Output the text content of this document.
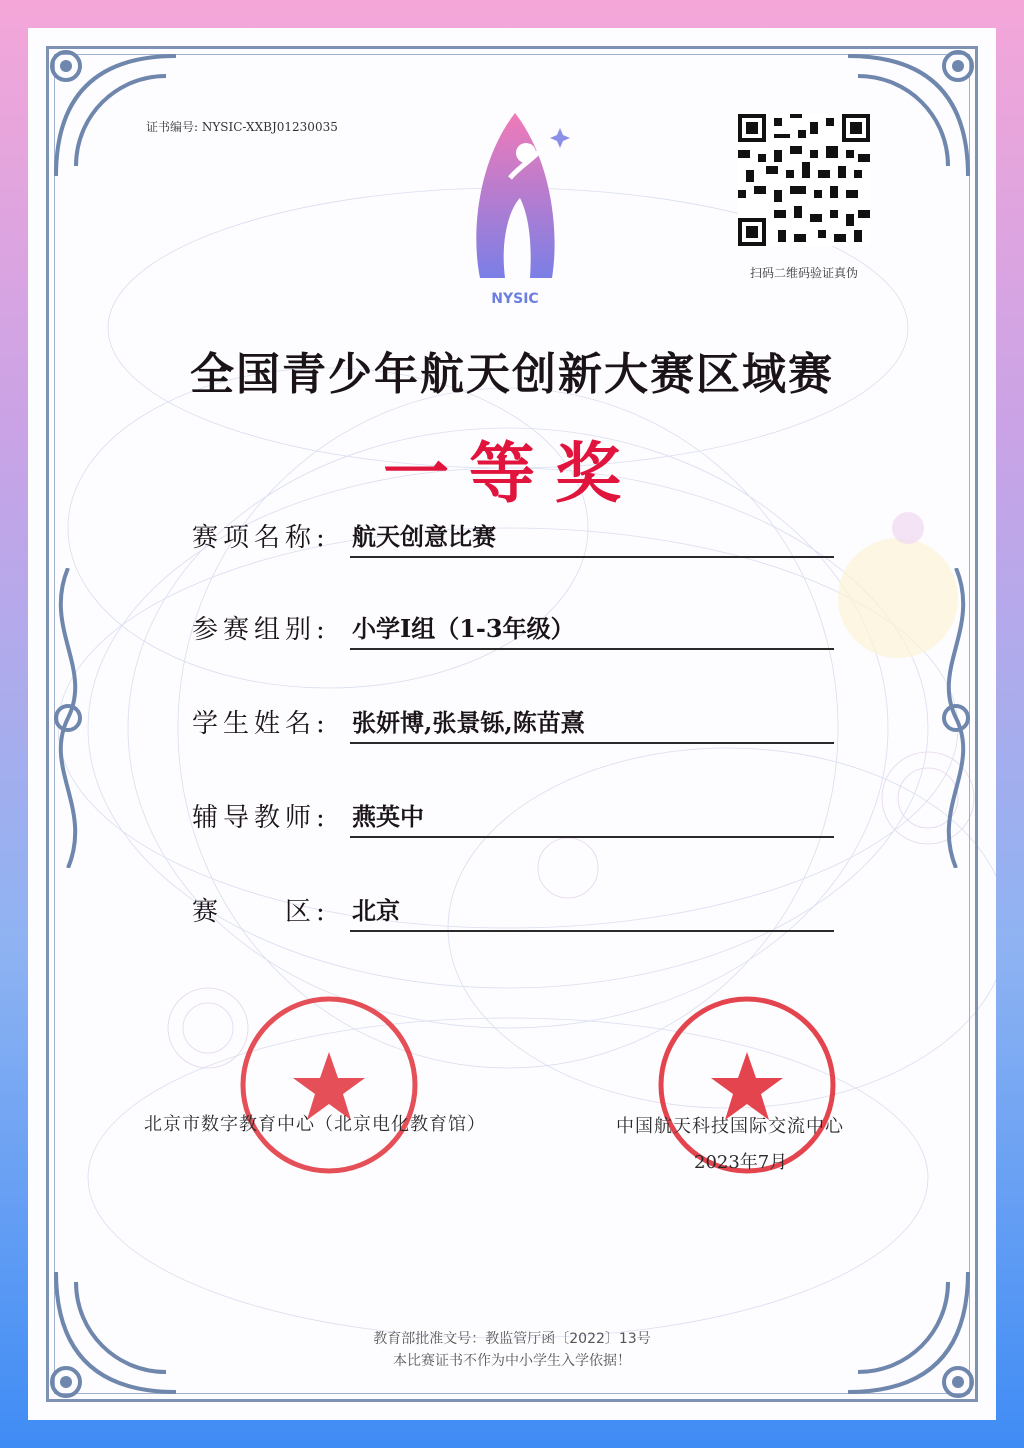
证书编号: NYSIC-XXBJ01230035
NYSIC
扫码二维码验证真伪
全国青少年航天创新大赛区域赛
一等奖
赛项名称: 航天创意比赛
参赛组别: 小学I组（1-3年级）
学生姓名: 张妍博,张景铄,陈苗熹
辅导教师: 燕英中
赛　　区: 北京
北京市数字教育中心（北京电化教育馆）	中国航天科技国际交流中心
2023年7月
教育部批准文号：教监管厅函〔2022〕13号
本比赛证书不作为中小学生入学依据！
